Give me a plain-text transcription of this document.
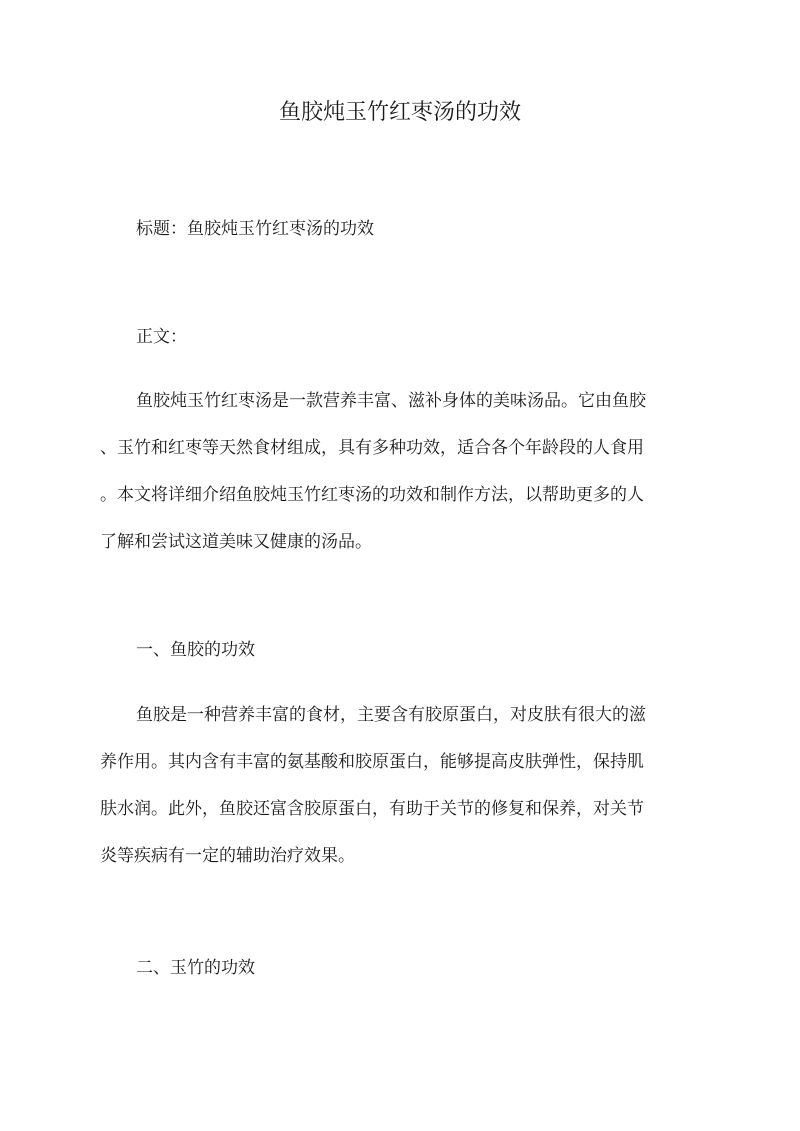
鱼胶炖玉竹红枣汤的功效

标题：鱼胶炖玉竹红枣汤的功效

正文：

鱼胶炖玉竹红枣汤是一款营养丰富、滋补身体的美味汤品。它由鱼胶
、玉竹和红枣等天然食材组成，具有多种功效，适合各个年龄段的人食用
。本文将详细介绍鱼胶炖玉竹红枣汤的功效和制作方法，以帮助更多的人
了解和尝试这道美味又健康的汤品。

一、鱼胶的功效

鱼胶是一种营养丰富的食材，主要含有胶原蛋白，对皮肤有很大的滋
养作用。其内含有丰富的氨基酸和胶原蛋白，能够提高皮肤弹性，保持肌
肤水润。此外，鱼胶还富含胶原蛋白，有助于关节的修复和保养，对关节
炎等疾病有一定的辅助治疗效果。

二、玉竹的功效
